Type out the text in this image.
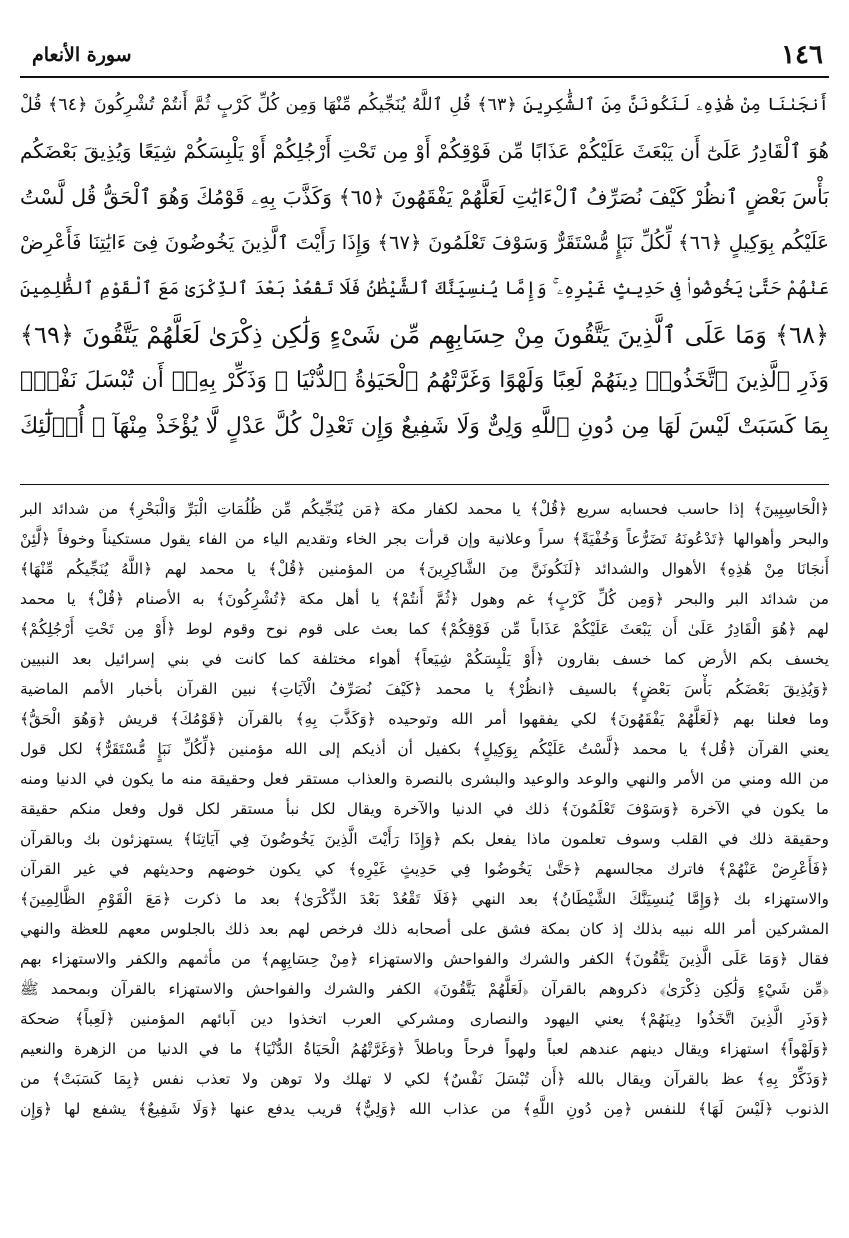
١٤٦
سورة الأنعام
أَنجَىٰنَا مِنْ هَٰذِهِۦ لَنَكُونَنَّ مِنَ ٱلشَّٰكِرِينَ ﴿٦٣﴾ قُلِ ٱللَّهُ يُنَجِّيكُم مِّنْهَا وَمِن كُلِّ كَرْبٍ ثُمَّ أَنتُمْ تُشْرِكُونَ ﴿٦٤﴾ قُلْ
هُوَ ٱلْقَادِرُ عَلَىٰٓ أَن يَبْعَثَ عَلَيْكُمْ عَذَابًا مِّن فَوْقِكُمْ أَوْ مِن تَحْتِ أَرْجُلِكُمْ أَوْ يَلْبِسَكُمْ شِيَعًا وَيُذِيقَ بَعْضَكُم
بَأْسَ بَعْضٍ ٱنظُرْ كَيْفَ نُصَرِّفُ ٱلْءَايَٰتِ لَعَلَّهُمْ يَفْقَهُونَ ﴿٦٥﴾ وَكَذَّبَ بِهِۦ قَوْمُكَ وَهُوَ ٱلْحَقُّ قُل لَّسْتُ
عَلَيْكُم بِوَكِيلٍ ﴿٦٦﴾ لِّكُلِّ نَبَإٍ مُّسْتَقَرٌّ وَسَوْفَ تَعْلَمُونَ ﴿٦٧﴾ وَإِذَا رَأَيْتَ ٱلَّذِينَ يَخُوضُونَ فِىٓ ءَايَٰتِنَا فَأَعْرِضْ
عَنْهُمْ حَتَّىٰ يَخُوضُوا۟ فِى حَدِيثٍ غَيْرِهِۦ ۚ وَإِمَّا يُنسِيَنَّكَ ٱلشَّيْطَٰنُ فَلَا تَقْعُدْ بَعْدَ ٱلذِّكْرَىٰ مَعَ ٱلْقَوْمِ ٱلظَّٰلِمِينَ
﴿٦٨﴾ وَمَا عَلَى ٱلَّذِينَ يَتَّقُونَ مِنْ حِسَابِهِم مِّن شَىْءٍ وَلَٰكِن ذِكْرَىٰ لَعَلَّهُمْ يَتَّقُونَ ﴿٦٩﴾
وَذَرِ ٱلَّذِينَ ٱتَّخَذُوا۟ دِينَهُمْ لَعِبًا وَلَهْوًا وَغَرَّتْهُمُ ٱلْحَيَوٰةُ ٱلدُّنْيَا ۚ وَذَكِّرْ بِهِۦٓ أَن تُبْسَلَ نَفْسٌۢ
بِمَا كَسَبَتْ لَيْسَ لَهَا مِن دُونِ ٱللَّهِ وَلِىٌّ وَلَا شَفِيعٌ وَإِن تَعْدِلْ كُلَّ عَدْلٍ لَّا يُؤْخَذْ مِنْهَآ ۗ أُو۟لَٰٓئِكَ
﴿الْحَاسِبِينَ﴾ إذا حاسب فحسابه سريع ﴿قُلْ﴾ يا محمد لكفار مكة ﴿مَن يُنَجِّيكُم مِّن ظُلُمَاتِ الْبَرِّ وَالْبَحْرِ﴾ من شدائد البر
والبحر وأهوالها ﴿تَدْعُونَهُ تَضَرُّعاً وَخُفْيَةً﴾ سراً وعلانية وإن قرأت بجر الخاء وتقديم الياء من الفاء يقول مستكيناً وخوفاً ﴿لَّئِنْ
أَنجَانَا مِنْ هَٰذِهِ﴾ الأهوال والشدائد ﴿لَنَكُونَنَّ مِنَ الشَّاكِرِينَ﴾ من المؤمنين ﴿قُلْ﴾ يا محمد لهم ﴿اللَّهُ يُنَجِّيكُم مِّنْهَا﴾
من شدائد البر والبحر ﴿وَمِن كُلِّ كَرْبٍ﴾ غم وهول ﴿ثُمَّ أَنتُمْ﴾ يا أهل مكة ﴿تُشْرِكُونَ﴾ به الأصنام ﴿قُلْ﴾ يا محمد
لهم ﴿هُوَ الْقَادِرُ عَلَىٰ أَن يَبْعَثَ عَلَيْكُمْ عَذَاباً مِّن فَوْقِكُمْ﴾ كما بعث على قوم نوح وقوم لوط ﴿أَوْ مِن تَحْتِ أَرْجُلِكُمْ﴾
يخسف بكم الأرض كما خسف بقارون ﴿أَوْ يَلْبِسَكُمْ شِيَعاً﴾ أهواء مختلفة كما كانت في بني إسرائيل بعد النبيين
﴿وَيُذِيقَ بَعْضَكُم بَأْسَ بَعْضٍ﴾ بالسيف ﴿انظُرْ﴾ يا محمد ﴿كَيْفَ نُصَرِّفُ الْآيَاتِ﴾ نبين القرآن بأخبار الأمم الماضية
وما فعلنا بهم ﴿لَعَلَّهُمْ يَفْقَهُونَ﴾ لكي يفقهوا أمر الله وتوحيده ﴿وَكَذَّبَ بِهِ﴾ بالقرآن ﴿قَوْمُكَ﴾ قريش ﴿وَهُوَ الْحَقُّ﴾
يعني القرآن ﴿قُل﴾ يا محمد ﴿لَّسْتُ عَلَيْكُم بِوَكِيلٍ﴾ بكفيل أن أذيكم إلى الله مؤمنين ﴿لِّكُلِّ نَبَإٍ مُّسْتَقَرٌّ﴾ لكل قول
من الله ومني من الأمر والنهي والوعد والوعيد والبشرى بالنصرة والعذاب مستقر فعل وحقيقة منه ما يكون في الدنيا ومنه
ما يكون في الآخرة ﴿وَسَوْفَ تَعْلَمُونَ﴾ ذلك في الدنيا والآخرة ويقال لكل نبأ مستقر لكل قول وفعل منكم حقيقة
وحقيقة ذلك في القلب وسوف تعلمون ماذا يفعل بكم ﴿وَإِذَا رَأَيْتَ الَّذِينَ يَخُوضُونَ فِي آيَاتِنَا﴾ يستهزئون بك وبالقرآن
﴿فَأَعْرِضْ عَنْهُمْ﴾ فاترك مجالسهم ﴿حَتَّىٰ يَخُوضُوا فِي حَدِيثٍ غَيْرِهِ﴾ كي يكون خوضهم وحديثهم في غير القرآن
والاستهزاء بك ﴿وَإِمَّا يُنسِيَنَّكَ الشَّيْطَانُ﴾ بعد النهي ﴿فَلَا تَقْعُدْ بَعْدَ الذِّكْرَىٰ﴾ بعد ما ذكرت ﴿مَعَ الْقَوْمِ الظَّالِمِينَ﴾
المشركين أمر الله نبيه بذلك إذ كان بمكة فشق على أصحابه ذلك فرخص لهم بعد ذلك بالجلوس معهم للعظة والنهي
فقال ﴿وَمَا عَلَى الَّذِينَ يَتَّقُونَ﴾ الكفر والشرك والفواحش والاستهزاء ﴿مِنْ حِسَابِهِم﴾ من مأثمهم والكفر والاستهزاء بهم
﴿مِّن شَيْءٍ وَلَٰكِن ذِكْرَىٰ﴾ ذكروهم بالقرآن ﴿لَعَلَّهُمْ يَتَّقُونَ﴾ الكفر والشرك والفواحش والاستهزاء بالقرآن وبمحمد ﷺ
﴿وَذَرِ الَّذِينَ اتَّخَذُوا دِينَهُمْ﴾ يعني اليهود والنصارى ومشركي العرب اتخذوا دين آبائهم المؤمنين ﴿لَعِباً﴾ ضحكة
﴿وَلَهْواً﴾ استهزاء ويقال دينهم عندهم لعباً ولهواً فرحاً وباطلاً ﴿وَغَرَّتْهُمُ الْحَيَاةُ الدُّنْيَا﴾ ما في الدنيا من الزهرة والنعيم
﴿وَذَكِّرْ بِهِ﴾ عظ بالقرآن ويقال بالله ﴿أَن تُبْسَلَ نَفْسٌ﴾ لكي لا تهلك ولا توهن ولا تعذب نفس ﴿بِمَا كَسَبَتْ﴾ من
الذنوب ﴿لَيْسَ لَهَا﴾ للنفس ﴿مِن دُونِ اللَّهِ﴾ من عذاب الله ﴿وَلِيٌّ﴾ قريب يدفع عنها ﴿وَلَا شَفِيعٌ﴾ يشفع لها ﴿وَإِن
